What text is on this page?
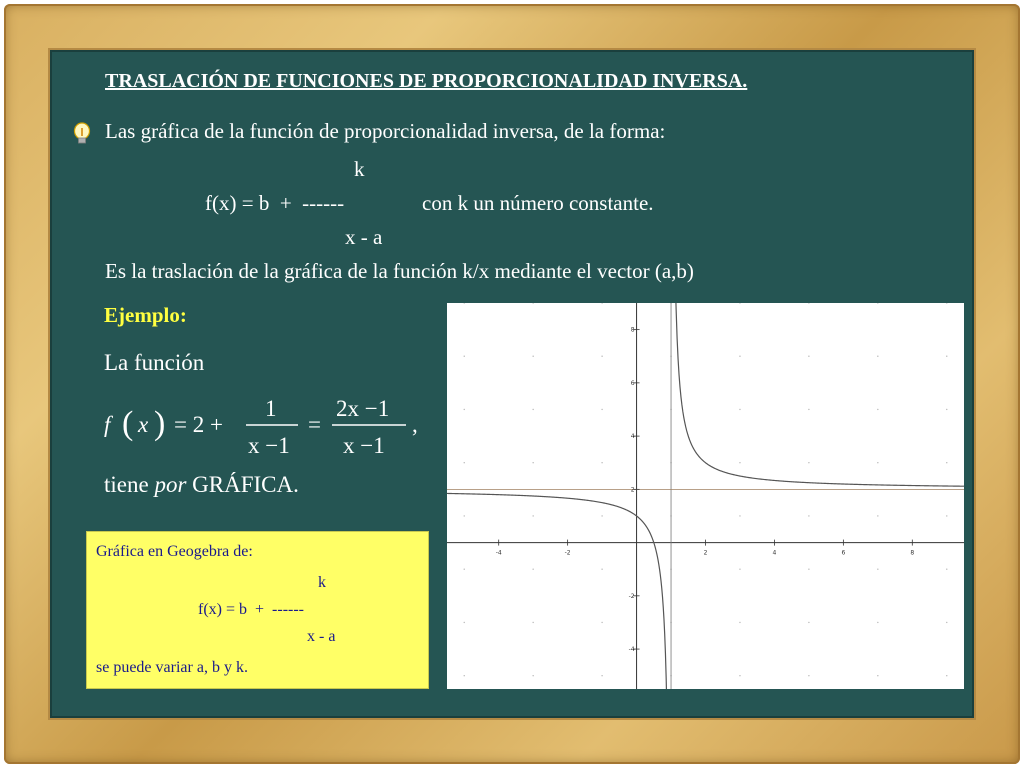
TRASLACIÓN DE FUNCIONES DE PROPORCIONALIDAD INVERSA.

Las gráfica de la función de proporcionalidad inversa, de la forma:

k

f(x) = b  +  ------	con k un número constante.

x - a

Es la traslación de la gráfica de la función k/x mediante el vector (a,b)

Ejemplo:

La función

f ( x ) = 2 +
1
x −1
=
2x −1
x −1
,

tiene por GRÁFICA.

-4	-2	2	4	6	8
8
6
4
2
-2
-4

Gráfica en Geogebra de:

k

f(x) = b  +  ------

x - a

se puede variar a, b y k.
